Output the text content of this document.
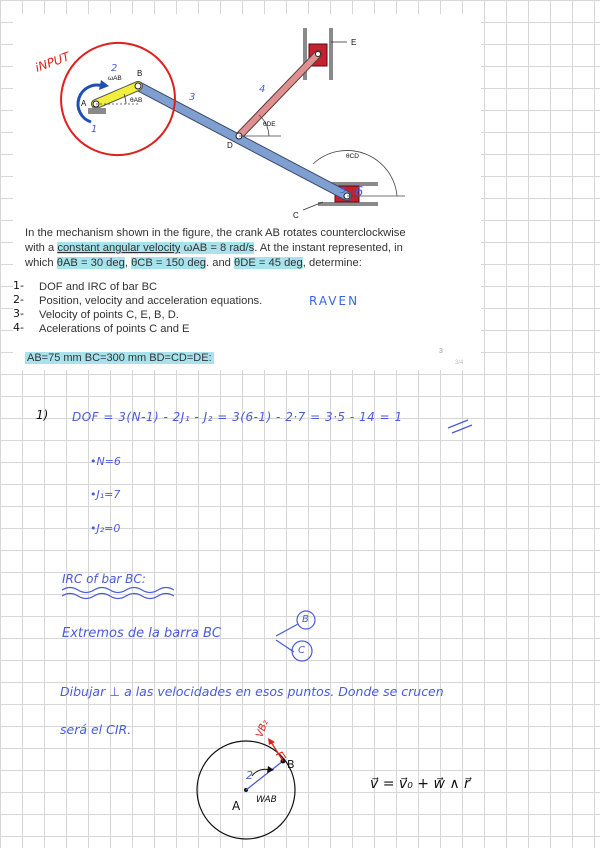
A
B
D
E
C
ωAB
θAB
θDE
θCD
iNPUT
1
2
3
4
5 6
In the mechanism shown in the figure, the crank AB rotates counterclockwise
with a constant angular velocity ωAB = 8 rad/s. At the instant represented, in
which θAB = 30 deg, θCB = 150 deg. and θDE = 45 deg, determine:
1- DOF and IRC of bar BC
2- Position, velocity and acceleration equations.
3- Velocity of points C, E, B, D.
4- Acelerations of points C and E
RAVEN
AB=75 mm BC=300 mm BD=CD=DE:
3
3/4
1) DOF = 3(N-1) - 2J₁ - J₂ = 3(6-1) - 2·7 = 3·5 - 14 = 1
•N=6
•J₁=7
•J₂=0
IRC of bar BC:
Extremos de la barra BC
B
C
Dibujar ⊥ a las velocidades en esos puntos. Donde se crucen
será el CIR.
A
B
2
WAB
VB₂
v⃗ = v⃗₀ + w⃗ ∧ r⃗
